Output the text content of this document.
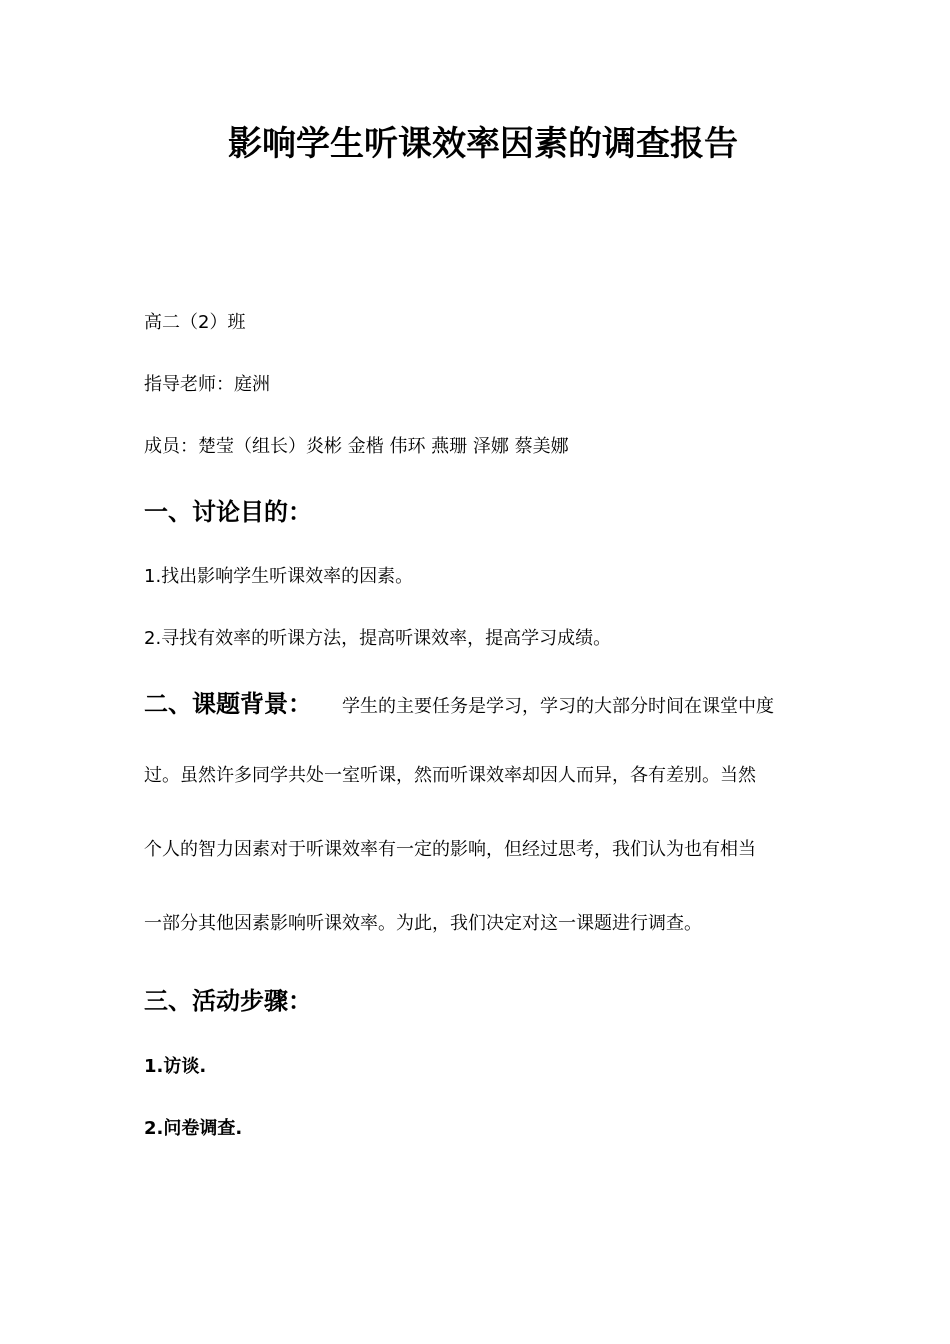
影响学生听课效率因素的调查报告
高二（2）班
指导老师：庭洲
成员：楚莹（组长）炎彬 金楷 伟环 燕珊 泽娜 蔡美娜
一、讨论目的：
1.找出影响学生听课效率的因素。
2.寻找有效率的听课方法，提高听课效率，提高学习成绩。
二、课题背景： 学生的主要任务是学习，学习的大部分时间在课堂中度
过。虽然许多同学共处一室听课，然而听课效率却因人而异，各有差别。当然
个人的智力因素对于听课效率有一定的影响，但经过思考，我们认为也有相当
一部分其他因素影响听课效率。为此，我们决定对这一课题进行调查。
三、活动步骤：
1.访谈.
2.问卷调查.
